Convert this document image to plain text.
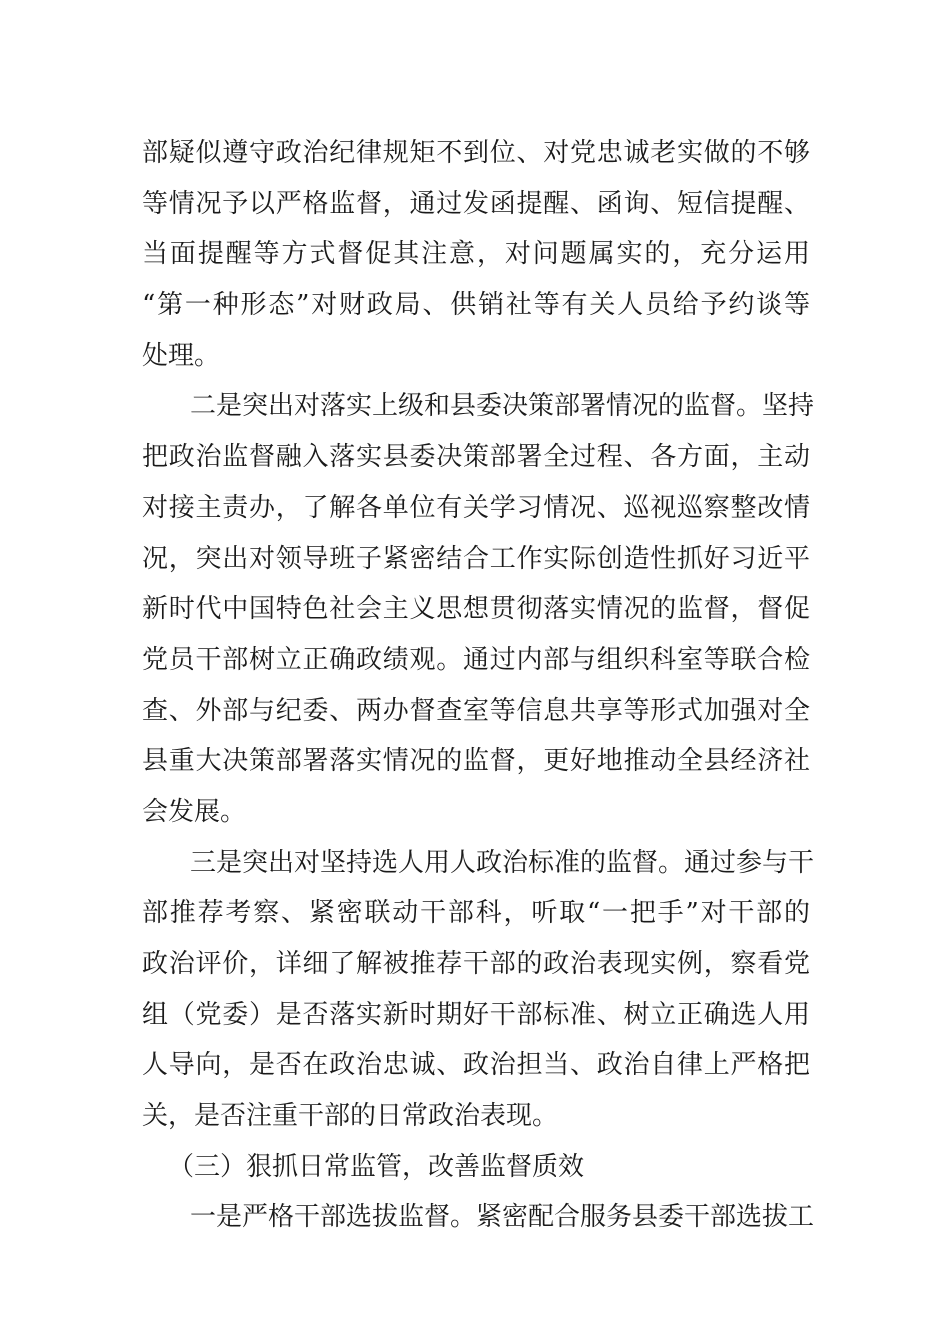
部疑似遵守政治纪律规矩不到位、对党忠诚老实做的不够
等情况予以严格监督，通过发函提醒、函询、短信提醒、
当面提醒等方式督促其注意，对问题属实的，充分运用
“第一种形态”对财政局、供销社等有关人员给予约谈等
处理。
二是突出对落实上级和县委决策部署情况的监督。坚持
把政治监督融入落实县委决策部署全过程、各方面，主动
对接主责办，了解各单位有关学习情况、巡视巡察整改情
况，突出对领导班子紧密结合工作实际创造性抓好习近平
新时代中国特色社会主义思想贯彻落实情况的监督，督促
党员干部树立正确政绩观。通过内部与组织科室等联合检
查、外部与纪委、两办督查室等信息共享等形式加强对全
县重大决策部署落实情况的监督，更好地推动全县经济社
会发展。
三是突出对坚持选人用人政治标准的监督。通过参与干
部推荐考察、紧密联动干部科，听取“一把手”对干部的
政治评价，详细了解被推荐干部的政治表现实例，察看党
组（党委）是否落实新时期好干部标准、树立正确选人用
人导向，是否在政治忠诚、政治担当、政治自律上严格把
关，是否注重干部的日常政治表现。
（三）狠抓日常监管，改善监督质效
一是严格干部选拔监督。紧密配合服务县委干部选拔工
